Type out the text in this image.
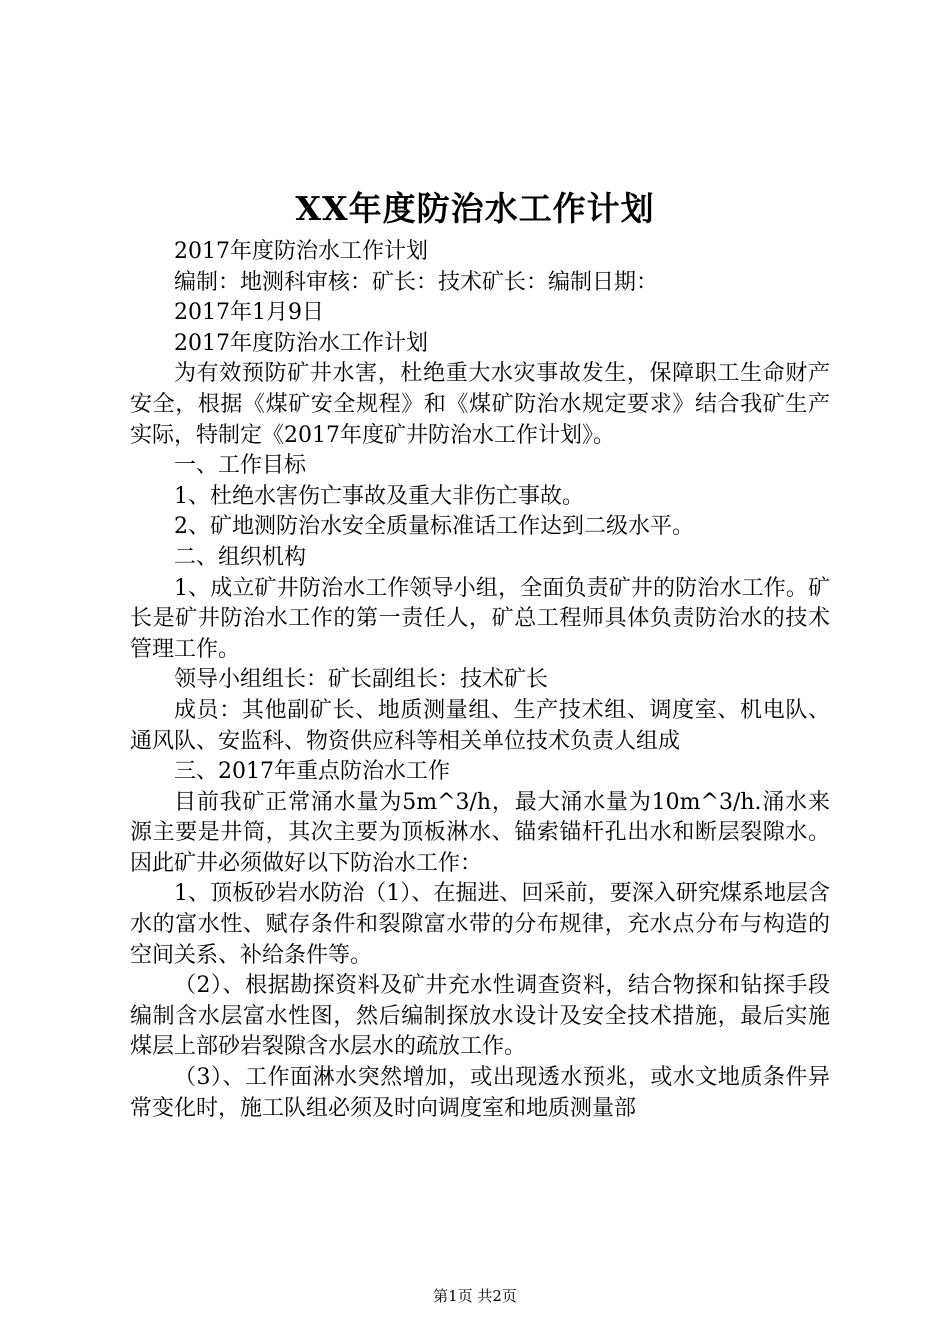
XX年度防治水工作计划

2017年度防治水工作计划

编制：地测科审核：矿长：技术矿长：编制日期：

2017年1月9日

2017年度防治水工作计划

为有效预防矿井水害，杜绝重大水灾事故发生，保障职工生命财产安全，根据《煤矿安全规程》和《煤矿防治水规定要求》结合我矿生产实际，特制定《2017年度矿井防治水工作计划》。

一、工作目标

1、杜绝水害伤亡事故及重大非伤亡事故。

2、矿地测防治水安全质量标准话工作达到二级水平。

二、组织机构

1、成立矿井防治水工作领导小组，全面负责矿井的防治水工作。矿长是矿井防治水工作的第一责任人，矿总工程师具体负责防治水的技术管理工作。

领导小组组长：矿长副组长：技术矿长

成员：其他副矿长、地质测量组、生产技术组、调度室、机电队、通风队、安监科、物资供应科等相关单位技术负责人组成

三、2017年重点防治水工作

目前我矿正常涌水量为5m^3/h，最大涌水量为10m^3/h.涌水来源主要是井筒，其次主要为顶板淋水、锚索锚杆孔出水和断层裂隙水。因此矿井必须做好以下防治水工作：

1、顶板砂岩水防治（1）、在掘进、回采前，要深入研究煤系地层含水的富水性、赋存条件和裂隙富水带的分布规律，充水点分布与构造的空间关系、补给条件等。

（2）、根据勘探资料及矿井充水性调查资料，结合物探和钻探手段编制含水层富水性图，然后编制探放水设计及安全技术措施，最后实施煤层上部砂岩裂隙含水层水的疏放工作。

（3）、工作面淋水突然增加，或出现透水预兆，或水文地质条件异常变化时，施工队组必须及时向调度室和地质测量部

第1页 共2页
